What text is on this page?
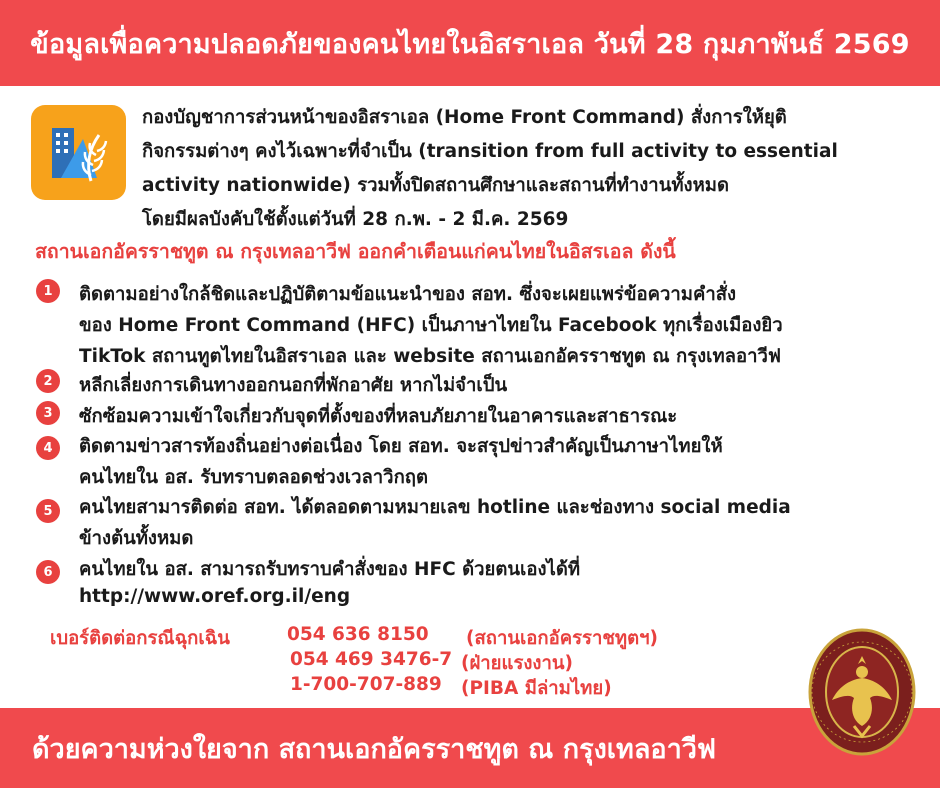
ข้อมูลเพื่อความปลอดภัยของคนไทยในอิสราเอล วันที่ 28 กุมภาพันธ์ 2569
กองบัญชาการส่วนหน้าของอิสราเอล (Home Front Command) สั่งการให้ยุติ
กิจกรรมต่างๆ คงไว้เฉพาะที่จำเป็น (transition from full activity to essential
activity nationwide) รวมทั้งปิดสถานศึกษาและสถานที่ทำงานทั้งหมด
โดยมีผลบังคับใช้ตั้งแต่วันที่ 28 ก.พ. - 2 มี.ค. 2569
สถานเอกอัครราชทูต ณ กรุงเทลอาวีฟ ออกคำเตือนแก่คนไทยในอิสรเอล ดังนี้
1	ติดตามอย่างใกล้ชิดและปฏิบัติตามข้อแนะนำของ สอท. ซึ่งจะเผยแพร่ข้อความคำสั่ง
ของ Home Front Command (HFC) เป็นภาษาไทยใน Facebook ทุกเรื่องเมืองยิว
TikTok สถานทูตไทยในอิสราเอล และ website สถานเอกอัครราชทูต ณ กรุงเทลอาวีฟ
2	หลีกเลี่ยงการเดินทางออกนอกที่พักอาศัย หากไม่จำเป็น
3	ซักซ้อมความเข้าใจเกี่ยวกับจุดที่ตั้งของที่หลบภัยภายในอาคารและสาธารณะ
4	ติดตามข่าวสารท้องถิ่นอย่างต่อเนื่อง โดย สอท. จะสรุปข่าวสำคัญเป็นภาษาไทยให้
คนไทยใน อส. รับทราบตลอดช่วงเวลาวิกฤต
5	คนไทยสามารติดต่อ สอท. ได้ตลอดตามหมายเลข hotline และช่องทาง social media
ข้างต้นทั้งหมด
6	คนไทยใน อส. สามารถรับทราบคำสั่งของ HFC ด้วยตนเองได้ที่
http://www.oref.org.il/eng
เบอร์ติดต่อกรณีฉุกเฉิน	054 636 8150 (สถานเอกอัครราชทูตฯ)
054 469 3476-7 (ฝ่ายแรงงาน)
1-700-707-889 (PIBA มีล่ามไทย)
ด้วยความห่วงใยจาก สถานเอกอัครราชทูต ณ กรุงเทลอาวีฟ
